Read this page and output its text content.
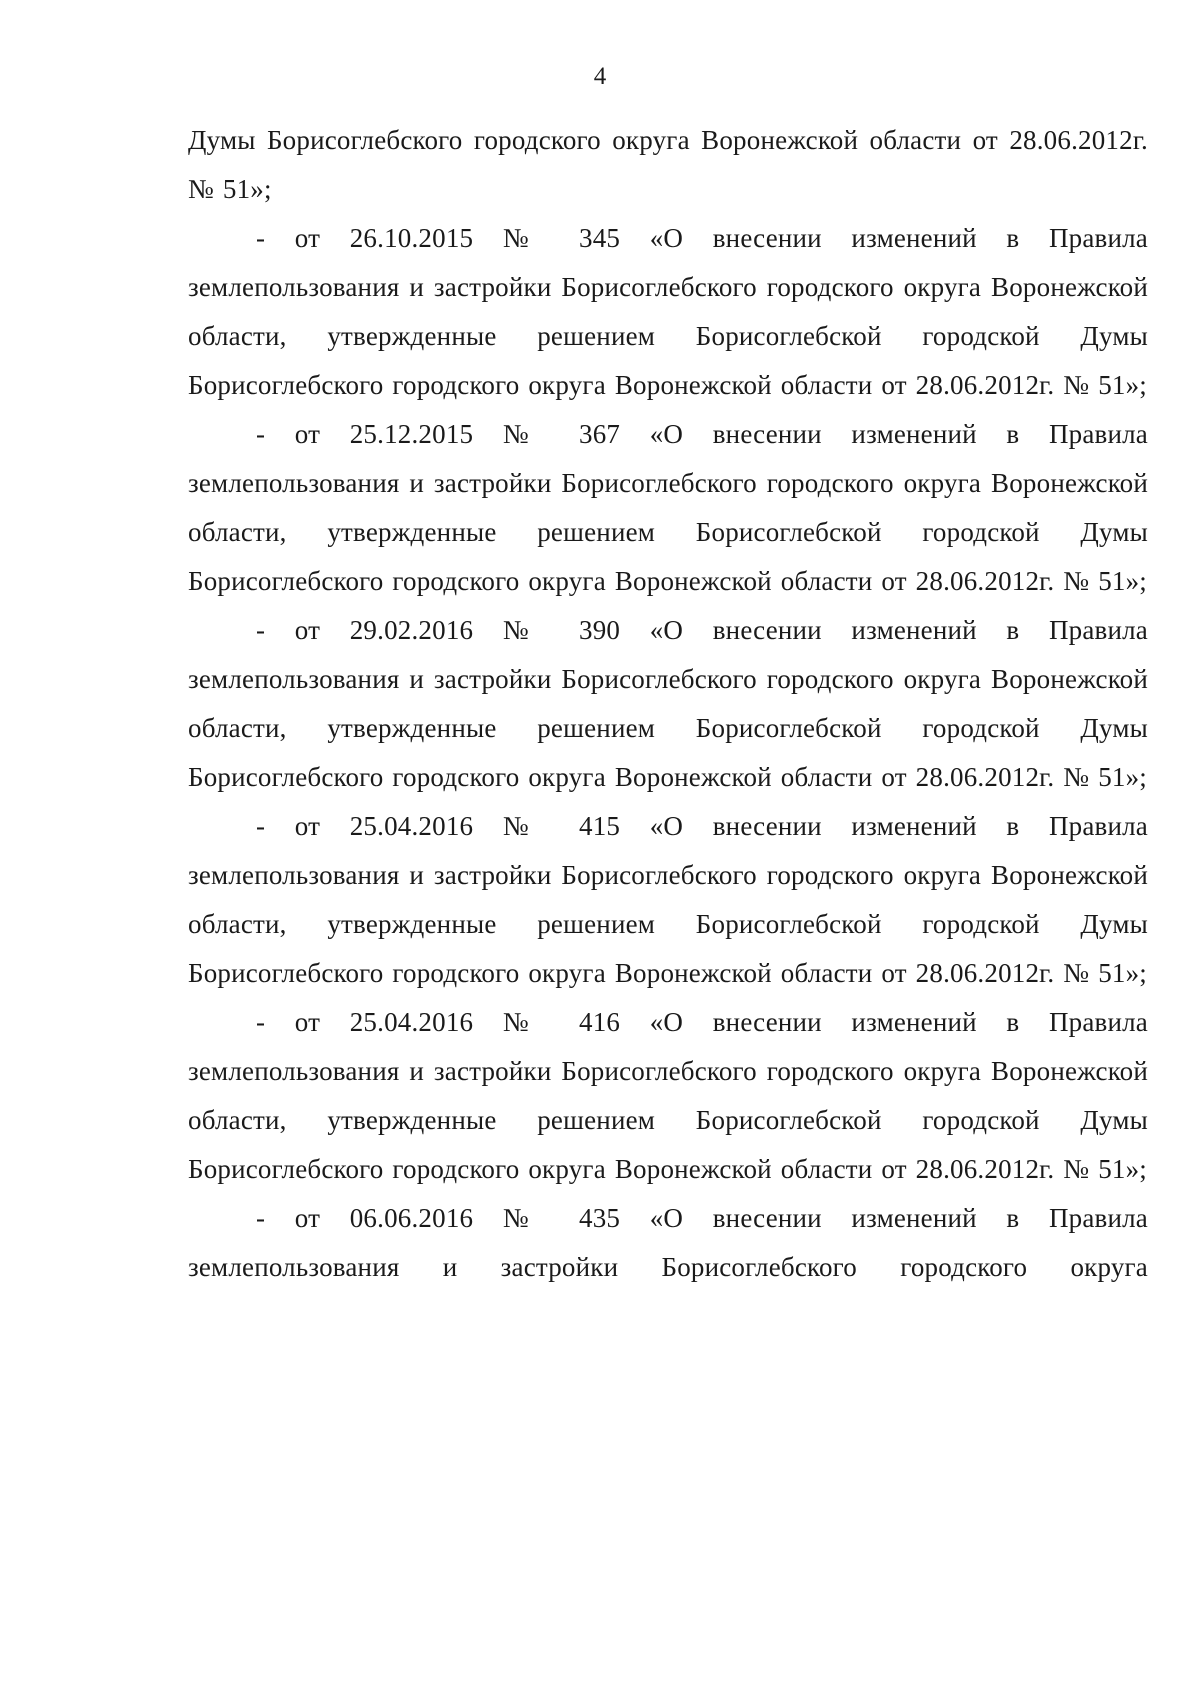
4

Думы Борисоглебского городского округа Воронежской области от 28.06.2012г. № 51»;

- от 26.10.2015 № 345 «О внесении изменений в Правила землепользования и застройки Борисоглебского городского округа Воронежской области, утвержденные решением Борисоглебской городской Думы Борисоглебского городского округа Воронежской области от 28.06.2012г. № 51»;

- от 25.12.2015 № 367 «О внесении изменений в Правила землепользования и застройки Борисоглебского городского округа Воронежской области, утвержденные решением Борисоглебской городской Думы Борисоглебского городского округа Воронежской области от 28.06.2012г. № 51»;

- от 29.02.2016 № 390 «О внесении изменений в Правила землепользования и застройки Борисоглебского городского округа Воронежской области, утвержденные решением Борисоглебской городской Думы Борисоглебского городского округа Воронежской области от 28.06.2012г. № 51»;

- от 25.04.2016 № 415 «О внесении изменений в Правила землепользования и застройки Борисоглебского городского округа Воронежской области, утвержденные решением Борисоглебской городской Думы Борисоглебского городского округа Воронежской области от 28.06.2012г. № 51»;

- от 25.04.2016 № 416 «О внесении изменений в Правила землепользования и застройки Борисоглебского городского округа Воронежской области, утвержденные решением Борисоглебской городской Думы Борисоглебского городского округа Воронежской области от 28.06.2012г. № 51»;

- от 06.06.2016 № 435 «О внесении изменений в Правила землепользования и застройки Борисоглебского городского округа
